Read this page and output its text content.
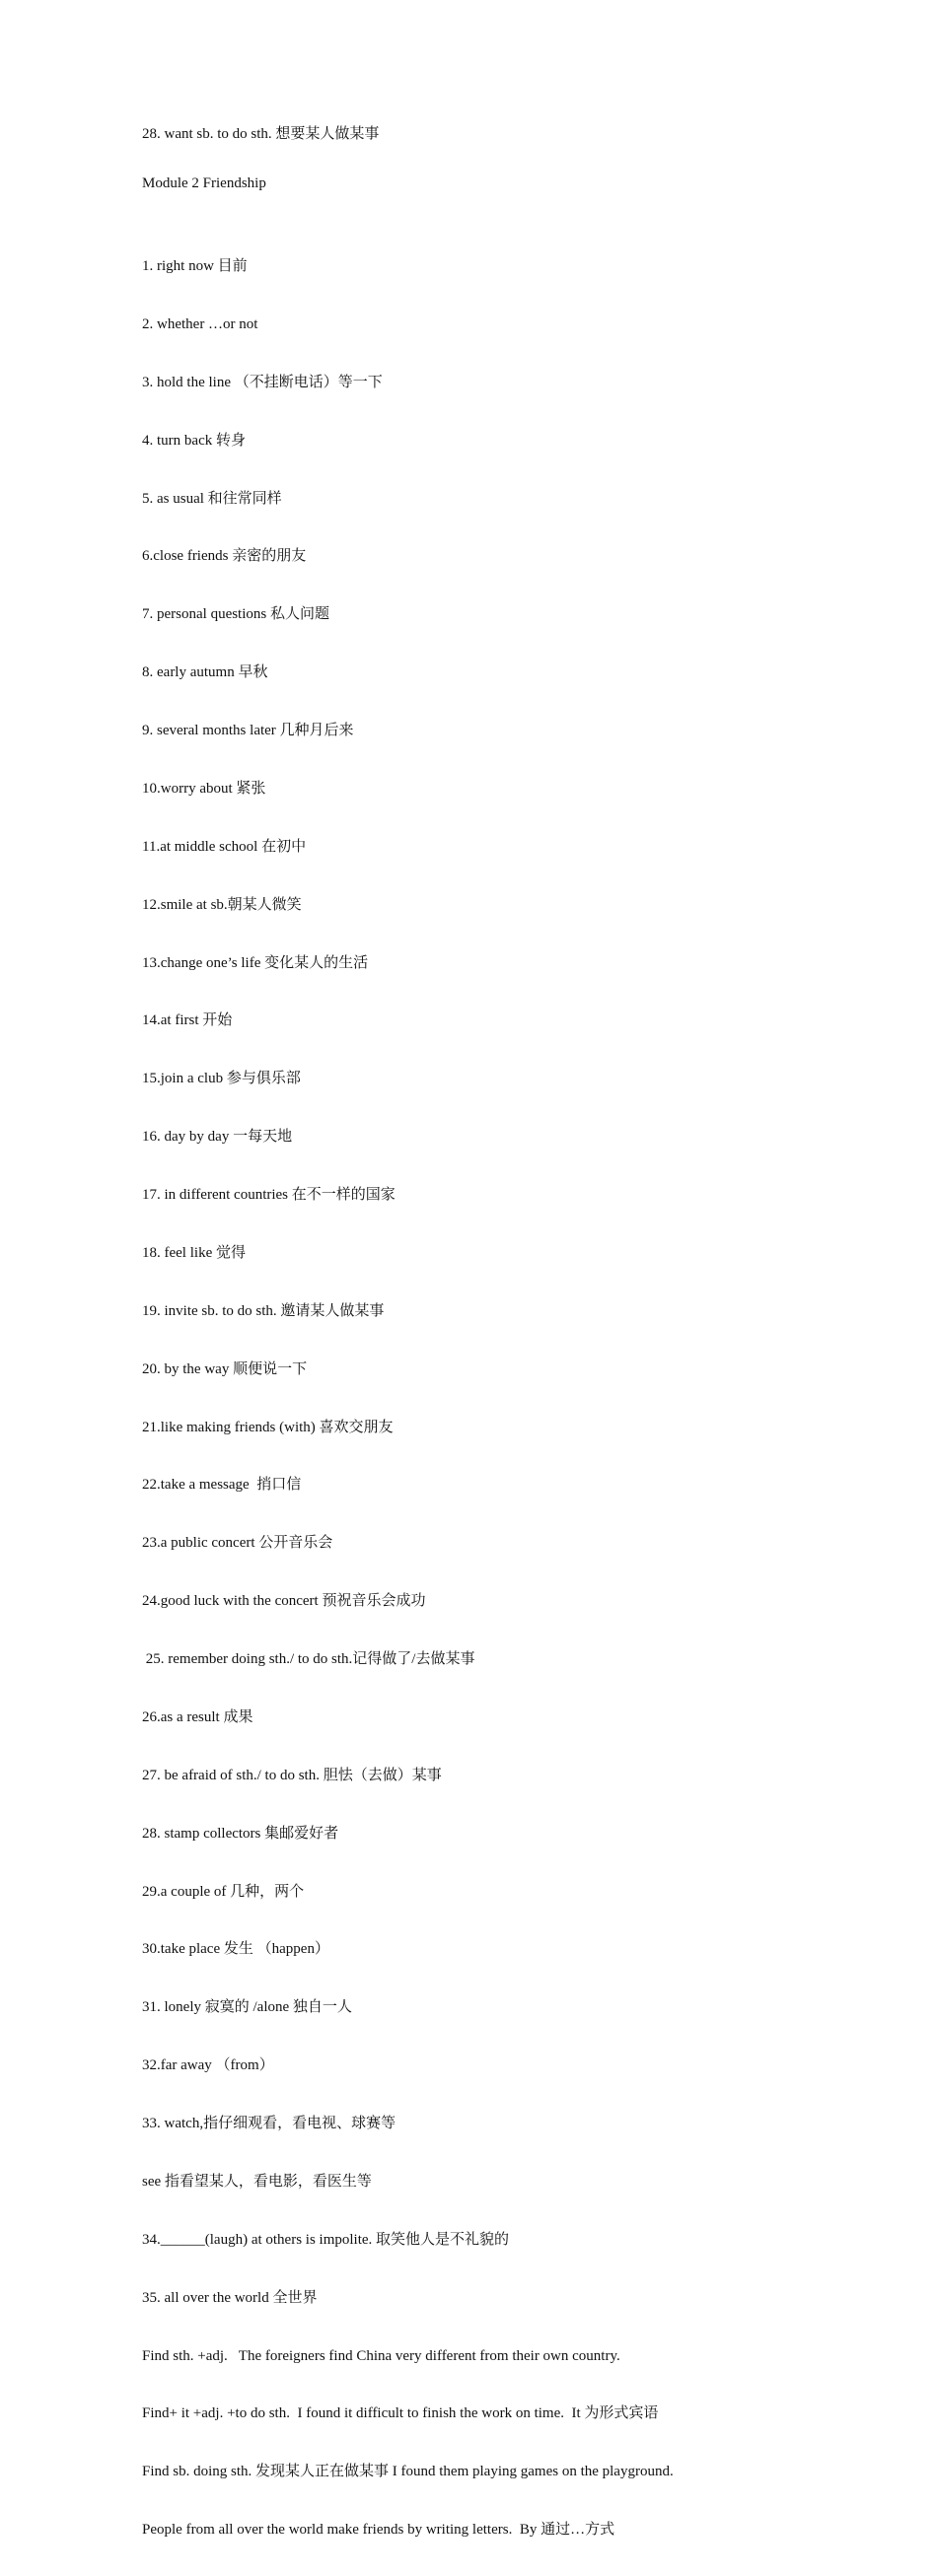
28. want sb. to do sth. 想要某人做某事
Module 2 Friendship

1. right now 目前

2. whether …or not

3. hold the line （不挂断电话）等一下

4. turn back 转身

5. as usual 和往常同样

6.close friends 亲密的朋友

7. personal questions 私人问题

8. early autumn 早秋

9. several months later 几种月后来

10.worry about 紧张

11.at middle school 在初中

12.smile at sb.朝某人微笑

13.change one’s life 变化某人的生活

14.at first 开始

15.join a club 参与俱乐部

16. day by day 一每天地

17. in different countries 在不一样的国家

18. feel like 觉得

19. invite sb. to do sth. 邀请某人做某事

20. by the way 顺便说一下

21.like making friends (with) 喜欢交朋友

22.take a message  捎口信

23.a public concert 公开音乐会

24.good luck with the concert 预祝音乐会成功

25. remember doing sth./ to do sth.记得做了/去做某事

26.as a result 成果

27. be afraid of sth./ to do sth. 胆怯（去做）某事

28. stamp collectors 集邮爱好者

29.a couple of 几种，两个

30.take place 发生 （happen）

31. lonely 寂寞的 /alone 独自一人

32.far away （from）

33. watch,指仔细观看，看电视、球赛等

see 指看望某人，看电影，看医生等

34.______(laugh) at others is impolite. 取笑他人是不礼貌的

35. all over the world 全世界

Find sth. +adj.   The foreigners find China very different from their own country.

Find+ it +adj. +to do sth.  I found it difficult to finish the work on time.  It 为形式宾语

Find sb. doing sth. 发现某人正在做某事 I found them playing games on the playground.

People from all over the world make friends by writing letters.  By 通过…方式
